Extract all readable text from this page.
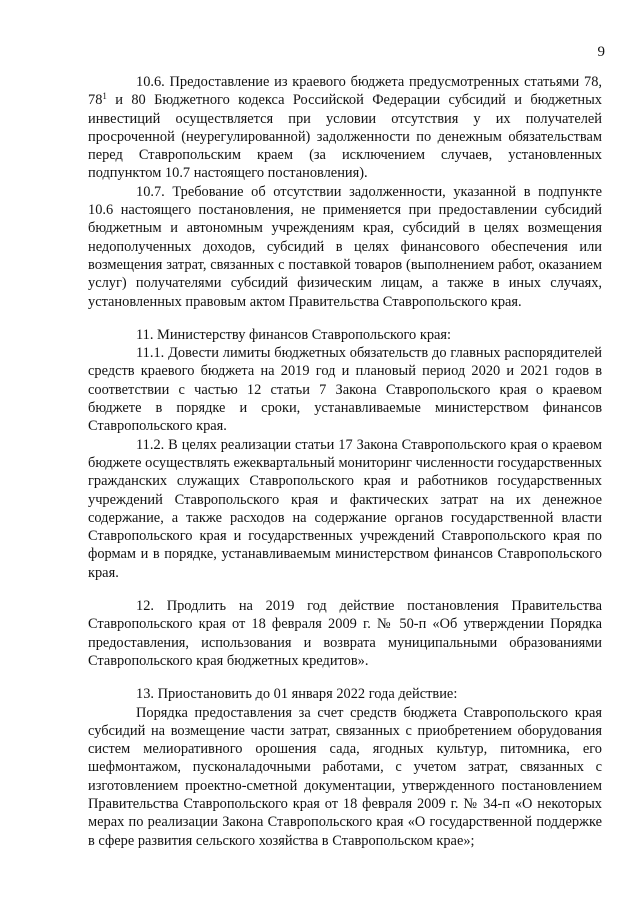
9

10.6. Предоставление из краевого бюджета предусмотренных статьями 78, $78^1$ и 80 Бюджетного кодекса Российской Федерации субсидий и бюджетных инвестиций осуществляется при условии отсутствия у их получателей просроченной (неурегулированной) задолженности по денежным обязательствам перед Ставропольским краем (за исключением случаев, установленных подпунктом 10.7 настоящего постановления).

10.7. Требование об отсутствии задолженности, указанной в подпункте 10.6 настоящего постановления, не применяется при предоставлении субсидий бюджетным и автономным учреждениям края, субсидий в целях возмещения недополученных доходов, субсидий в целях финансового обеспечения или возмещения затрат, связанных с поставкой товаров (выполнением работ, оказанием услуг) получателями субсидий физическим лицам, а также в иных случаях, установленных правовым актом Правительства Ставропольского края.

11. Министерству финансов Ставропольского края:

11.1. Довести лимиты бюджетных обязательств до главных распорядителей средств краевого бюджета на 2019 год и плановый период 2020 и 2021 годов в соответствии с частью 12 статьи 7 Закона Ставропольского края о краевом бюджете в порядке и сроки, устанавливаемые министерством финансов Ставропольского края.

11.2. В целях реализации статьи 17 Закона Ставропольского края о краевом бюджете осуществлять ежеквартальный мониторинг численности государственных гражданских служащих Ставропольского края и работников государственных учреждений Ставропольского края и фактических затрат на их денежное содержание, а также расходов на содержание органов государственной власти Ставропольского края и государственных учреждений Ставропольского края по формам и в порядке, устанавливаемым министерством финансов Ставропольского края.

12. Продлить на 2019 год действие постановления Правительства Ставропольского края от 18 февраля 2009 г. № 50-п «Об утверждении Порядка предоставления, использования и возврата муниципальными образованиями Ставропольского края бюджетных кредитов».

13. Приостановить до 01 января 2022 года действие:

Порядка предоставления за счет средств бюджета Ставропольского края субсидий на возмещение части затрат, связанных с приобретением оборудования систем мелиоративного орошения сада, ягодных культур, питомника, его шефмонтажом, пусконаладочными работами, с учетом затрат, связанных с изготовлением проектно-сметной документации, утвержденного постановлением Правительства Ставропольского края от 18 февраля 2009 г. № 34-п «О некоторых мерах по реализации Закона Ставропольского края «О государственной поддержке в сфере развития сельского хозяйства в Ставропольском крае»;
